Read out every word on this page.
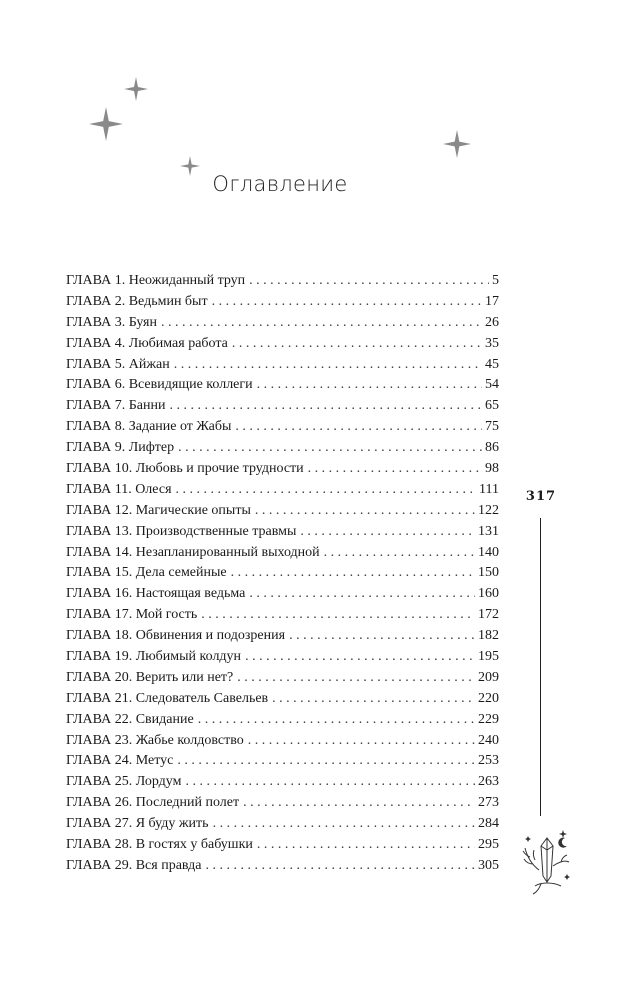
Оглавление
ГЛАВА 1. Неожиданный труп . . .	5
ГЛАВА 2. Ведьмин быт . . .	17
ГЛАВА 3. Буян . . .	26
ГЛАВА 4. Любимая работа . . .	35
ГЛАВА 5. Айжан . . .	45
ГЛАВА 6. Всевидящие коллеги . . .	54
ГЛАВА 7. Банни . . .	65
ГЛАВА 8. Задание от Жабы . . .	75
ГЛАВА 9. Лифтер . . .	86
ГЛАВА 10. Любовь и прочие трудности . . .	98
ГЛАВА 11. Олеся . . .	111
ГЛАВА 12. Магические опыты . . .	122
ГЛАВА 13. Производственные травмы . . .	131
ГЛАВА 14. Незапланированный выходной . . .	140
ГЛАВА 15. Дела семейные . . .	150
ГЛАВА 16. Настоящая ведьма . . .	160
ГЛАВА 17. Мой гость . . .	172
ГЛАВА 18. Обвинения и подозрения . . .	182
ГЛАВА 19. Любимый колдун . . .	195
ГЛАВА 20. Верить или нет? . . .	209
ГЛАВА 21. Следователь Савельев . . .	220
ГЛАВА 22. Свидание . . .	229
ГЛАВА 23. Жабье колдовство . . .	240
ГЛАВА 24. Метус . . .	253
ГЛАВА 25. Лордум . . .	263
ГЛАВА 26. Последний полет . . .	273
ГЛАВА 27. Я буду жить . . .	284
ГЛАВА 28. В гостях у бабушки . . .	295
ГЛАВА 29. Вся правда . . .	305
317
